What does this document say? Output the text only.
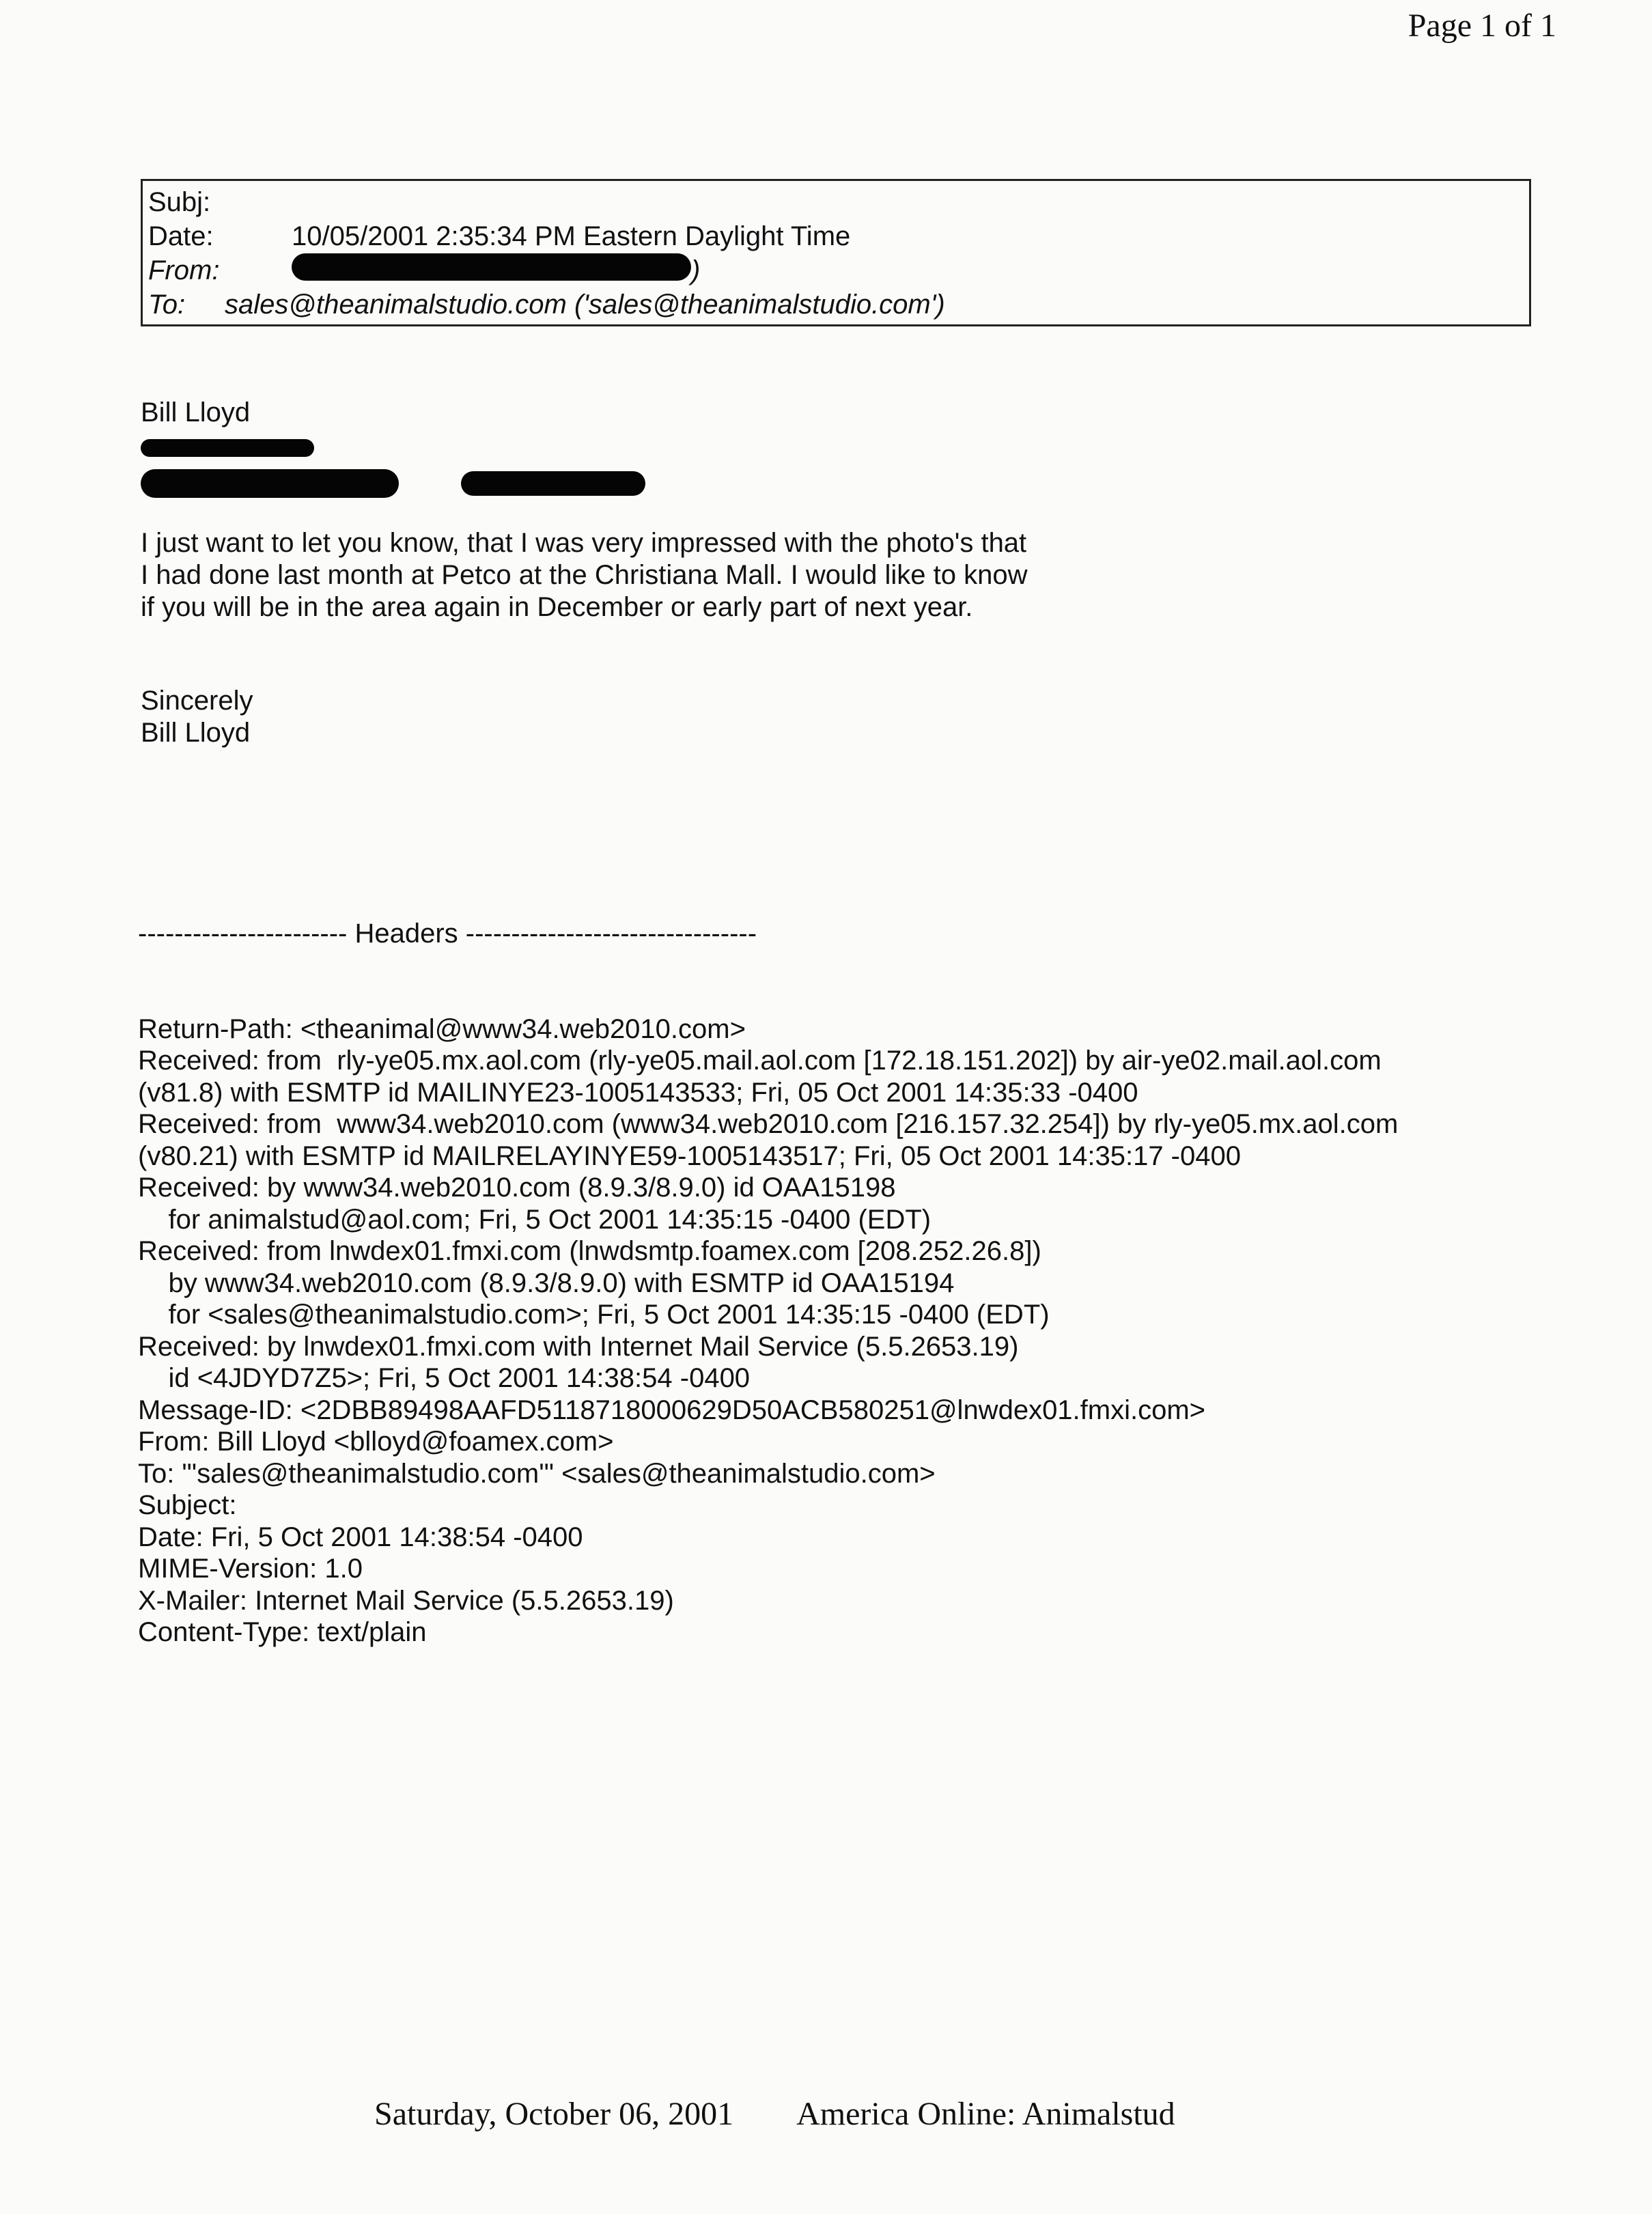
Page 1 of 1
Subj:
Date:	10/05/2001 2:35:34 PM Eastern Daylight Time
From:	)
To:	sales@theanimalstudio.com ('sales@theanimalstudio.com')
Bill Lloyd

I just want to let you know, that I was very impressed with the photo's that
I had done last month at Petco at the Christiana Mall. I would like to know
if you will be in the area again in December or early part of next year.
Sincerely
Bill Lloyd

----------------------- Headers --------------------------------

Return-Path: <theanimal@www34.web2010.com>
Received: from  rly-ye05.mx.aol.com (rly-ye05.mail.aol.com [172.18.151.202]) by air-ye02.mail.aol.com
(v81.8) with ESMTP id MAILINYE23-1005143533; Fri, 05 Oct 2001 14:35:33 -0400
Received: from  www34.web2010.com (www34.web2010.com [216.157.32.254]) by rly-ye05.mx.aol.com
(v80.21) with ESMTP id MAILRELAYINYE59-1005143517; Fri, 05 Oct 2001 14:35:17 -0400
Received: by www34.web2010.com (8.9.3/8.9.0) id OAA15198
for animalstud@aol.com; Fri, 5 Oct 2001 14:35:15 -0400 (EDT)
Received: from lnwdex01.fmxi.com (lnwdsmtp.foamex.com [208.252.26.8])
by www34.web2010.com (8.9.3/8.9.0) with ESMTP id OAA15194
for <sales@theanimalstudio.com>; Fri, 5 Oct 2001 14:35:15 -0400 (EDT)
Received: by lnwdex01.fmxi.com with Internet Mail Service (5.5.2653.19)
id <4JDYD7Z5>; Fri, 5 Oct 2001 14:38:54 -0400
Message-ID: <2DBB89498AAFD5118718000629D50ACB580251@lnwdex01.fmxi.com>
From: Bill Lloyd <blloyd@foamex.com>
To: "'sales@theanimalstudio.com'" <sales@theanimalstudio.com>
Subject:
Date: Fri, 5 Oct 2001 14:38:54 -0400
MIME-Version: 1.0
X-Mailer: Internet Mail Service (5.5.2653.19)
Content-Type: text/plain

Saturday, October 06, 2001 America Online: Animalstud
